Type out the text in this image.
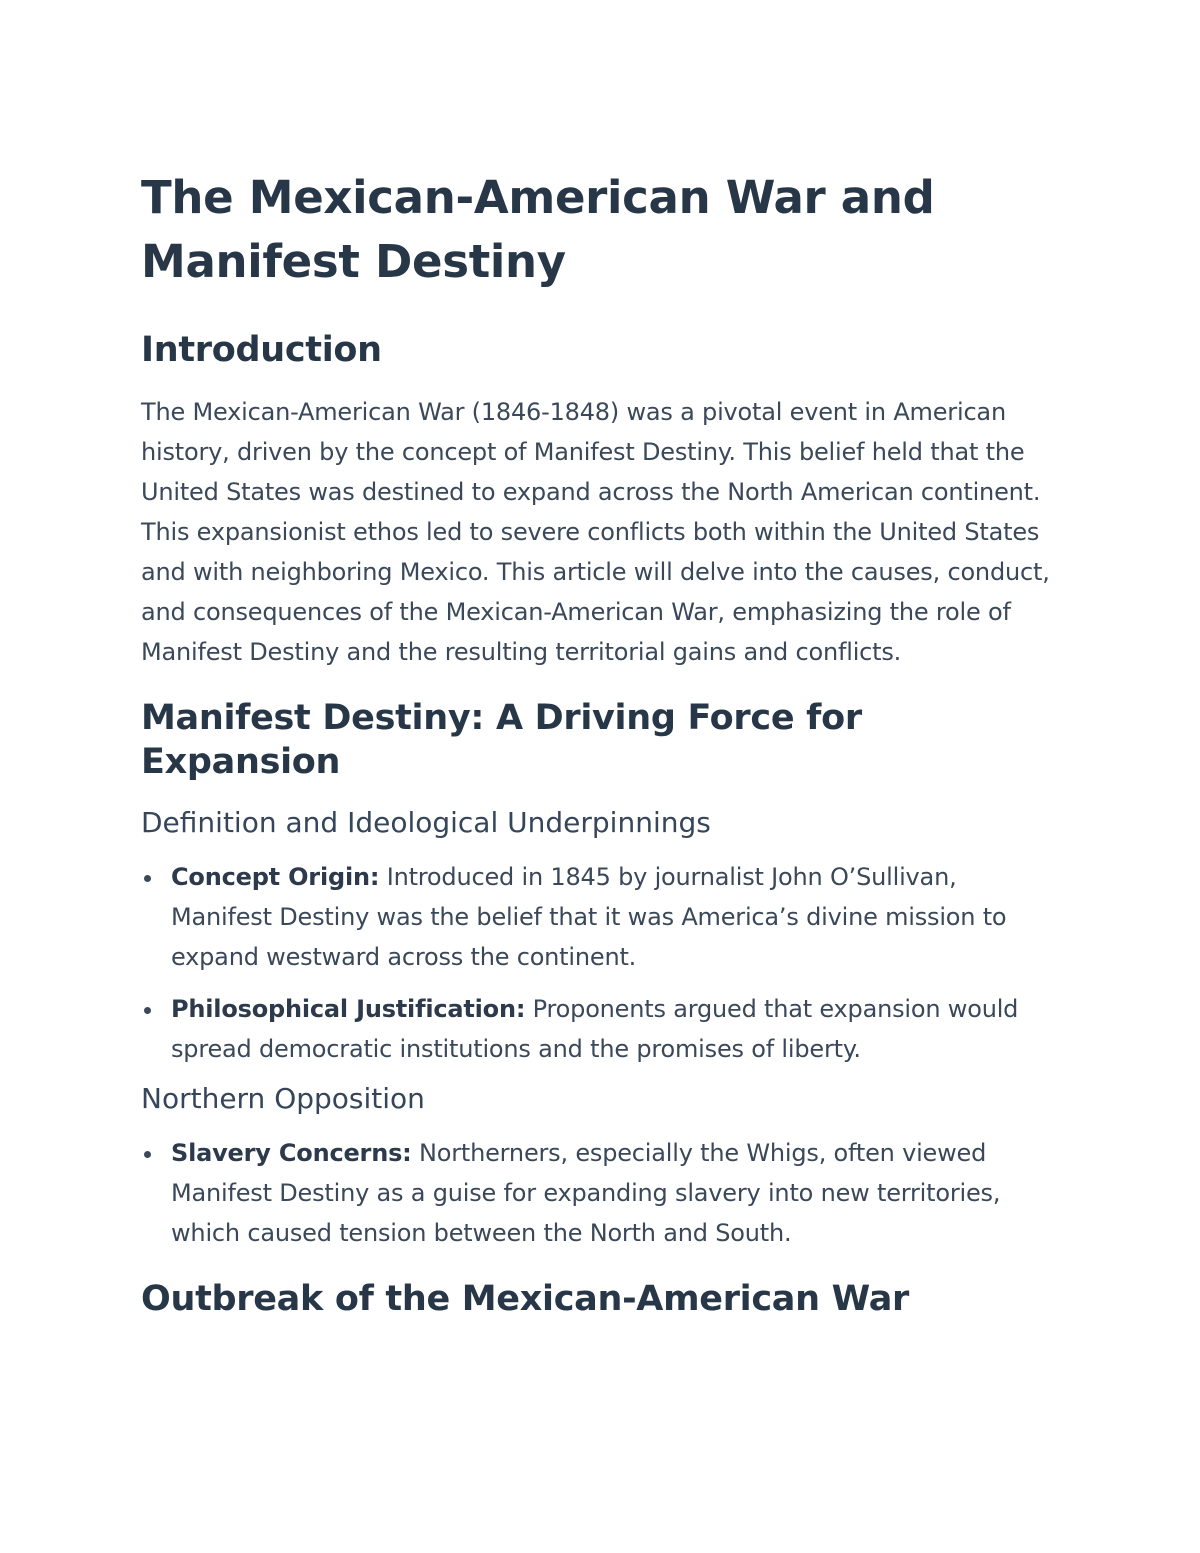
The Mexican-American War and Manifest Destiny
Introduction

The Mexican-American War (1846-1848) was a pivotal event in American history, driven by the concept of Manifest Destiny. This belief held that the United States was destined to expand across the North American continent. This expansionist ethos led to severe conflicts both within the United States and with neighboring Mexico. This article will delve into the causes, conduct, and consequences of the Mexican-American War, emphasizing the role of Manifest Destiny and the resulting territorial gains and conflicts.

Manifest Destiny: A Driving Force for Expansion
Definition and Ideological Underpinnings
Concept Origin: Introduced in 1845 by journalist John O’Sullivan, Manifest Destiny was the belief that it was America’s divine mission to expand westward across the continent.
Philosophical Justification: Proponents argued that expansion would spread democratic institutions and the promises of liberty.
Northern Opposition
Slavery Concerns: Northerners, especially the Whigs, often viewed Manifest Destiny as a guise for expanding slavery into new territories, which caused tension between the North and South.
Outbreak of the Mexican-American War
